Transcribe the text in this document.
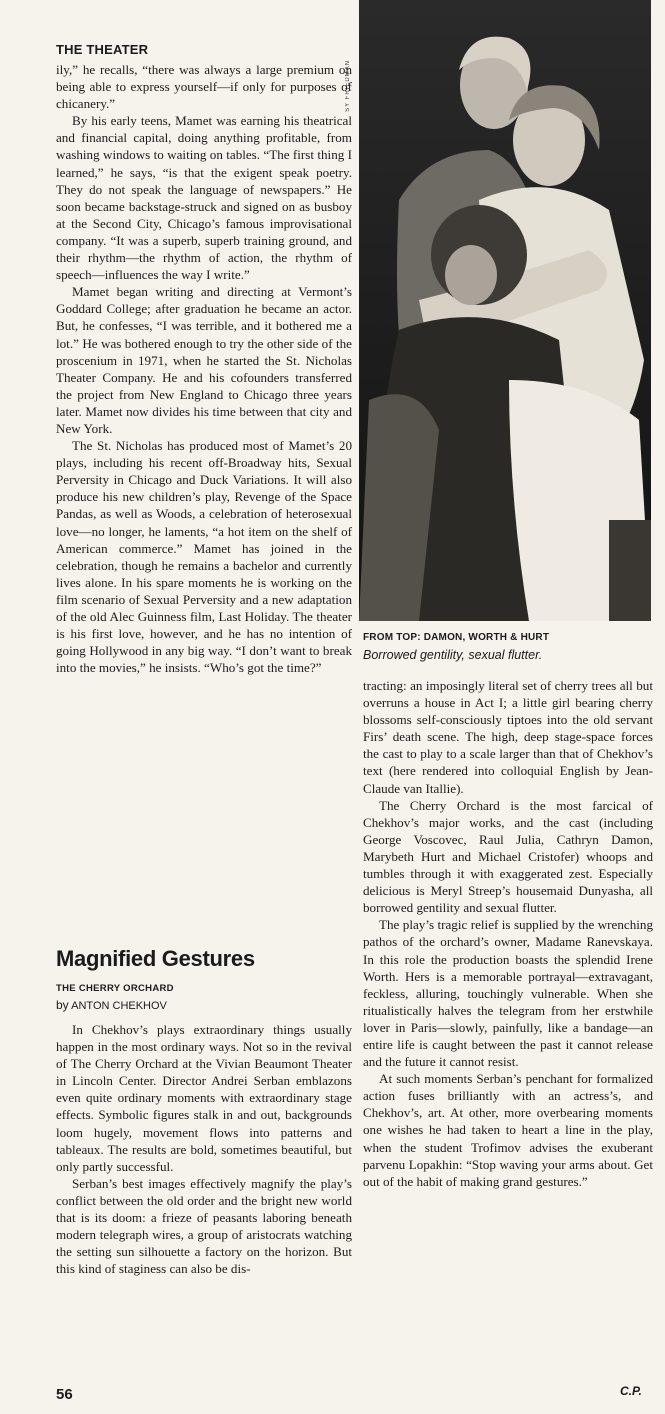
THE THEATER

ily,” he recalls, “there was always a large premium on being able to express yourself—if only for purposes of chicanery.”

By his early teens, Mamet was earning his theatrical and financial capital, doing anything profitable, from washing windows to waiting on tables. “The first thing I learned,” he says, “is that the exigent speak poetry. They do not speak the language of newspapers.” He soon became backstage-struck and signed on as busboy at the Second City, Chicago’s famous improvisational company. “It was a superb, superb training ground, and their rhythm—the rhythm of action, the rhythm of speech—influences the way I write.”

Mamet began writing and directing at Vermont’s Goddard College; after graduation he became an actor. But, he confesses, “I was terrible, and it bothered me a lot.” He was bothered enough to try the other side of the proscenium in 1971, when he started the St. Nicholas Theater Company. He and his cofounders transferred the project from New England to Chicago three years later. Mamet now divides his time between that city and New York.

The St. Nicholas has produced most of Mamet’s 20 plays, including his recent off-Broadway hits, Sexual Perversity in Chicago and Duck Variations. It will also produce his new children’s play, Revenge of the Space Pandas, as well as Woods, a celebration of heterosexual love—no longer, he laments, “a hot item on the shelf of American commerce.” Mamet has joined in the celebration, though he remains a bachelor and currently lives alone. In his spare moments he is working on the film scenario of Sexual Perversity and a new adaptation of the old Alec Guinness film, Last Holiday. The theater is his first love, however, and he has no intention of going Hollywood in any big way. “I don’t want to break into the movies,” he insists. “Who’s got the time?”

Magnified Gestures
THE CHERRY ORCHARD
by ANTON CHEKHOV

In Chekhov’s plays extraordinary things usually happen in the most ordinary ways. Not so in the revival of The Cherry Orchard at the Vivian Beaumont Theater in Lincoln Center. Director Andrei Serban emblazons even quite ordinary moments with extraordinary stage effects. Symbolic figures stalk in and out, backgrounds loom hugely, movement flows into patterns and tableaux. The results are bold, sometimes beautiful, but only partly successful.

Serban’s best images effectively magnify the play’s conflict between the old order and the bright new world that is its doom: a frieze of peasants laboring beneath modern telegraph wires, a group of aristocrats watching the setting sun silhouette a factory on the horizon. But this kind of staginess can also be dis-

SY FRIEDMAN
FROM TOP: DAMON, WORTH & HURT
Borrowed gentility, sexual flutter.

tracting: an imposingly literal set of cherry trees all but overruns a house in Act I; a little girl bearing cherry blossoms self-consciously tiptoes into the old servant Firs’ death scene. The high, deep stage-space forces the cast to play to a scale larger than that of Chekhov’s text (here rendered into colloquial English by Jean-Claude van Itallie).

The Cherry Orchard is the most farcical of Chekhov’s major works, and the cast (including George Voscovec, Raul Julia, Cathryn Damon, Marybeth Hurt and Michael Cristofer) whoops and tumbles through it with exaggerated zest. Especially delicious is Meryl Streep’s housemaid Dunyasha, all borrowed gentility and sexual flutter.

The play’s tragic relief is supplied by the wrenching pathos of the orchard’s owner, Madame Ranevskaya. In this role the production boasts the splendid Irene Worth. Hers is a memorable portrayal—extravagant, feckless, alluring, touchingly vulnerable. When she ritualistically halves the telegram from her erstwhile lover in Paris—slowly, painfully, like a bandage—an entire life is caught between the past it cannot release and the future it cannot resist.

At such moments Serban’s penchant for formalized action fuses brilliantly with an actress’s, and Chekhov’s, art. At other, more overbearing moments one wishes he had taken to heart a line in the play, when the student Trofimov advises the exuberant parvenu Lopakhin: “Stop waving your arms about. Get out of the habit of making grand gestures.”

C.P.
56
